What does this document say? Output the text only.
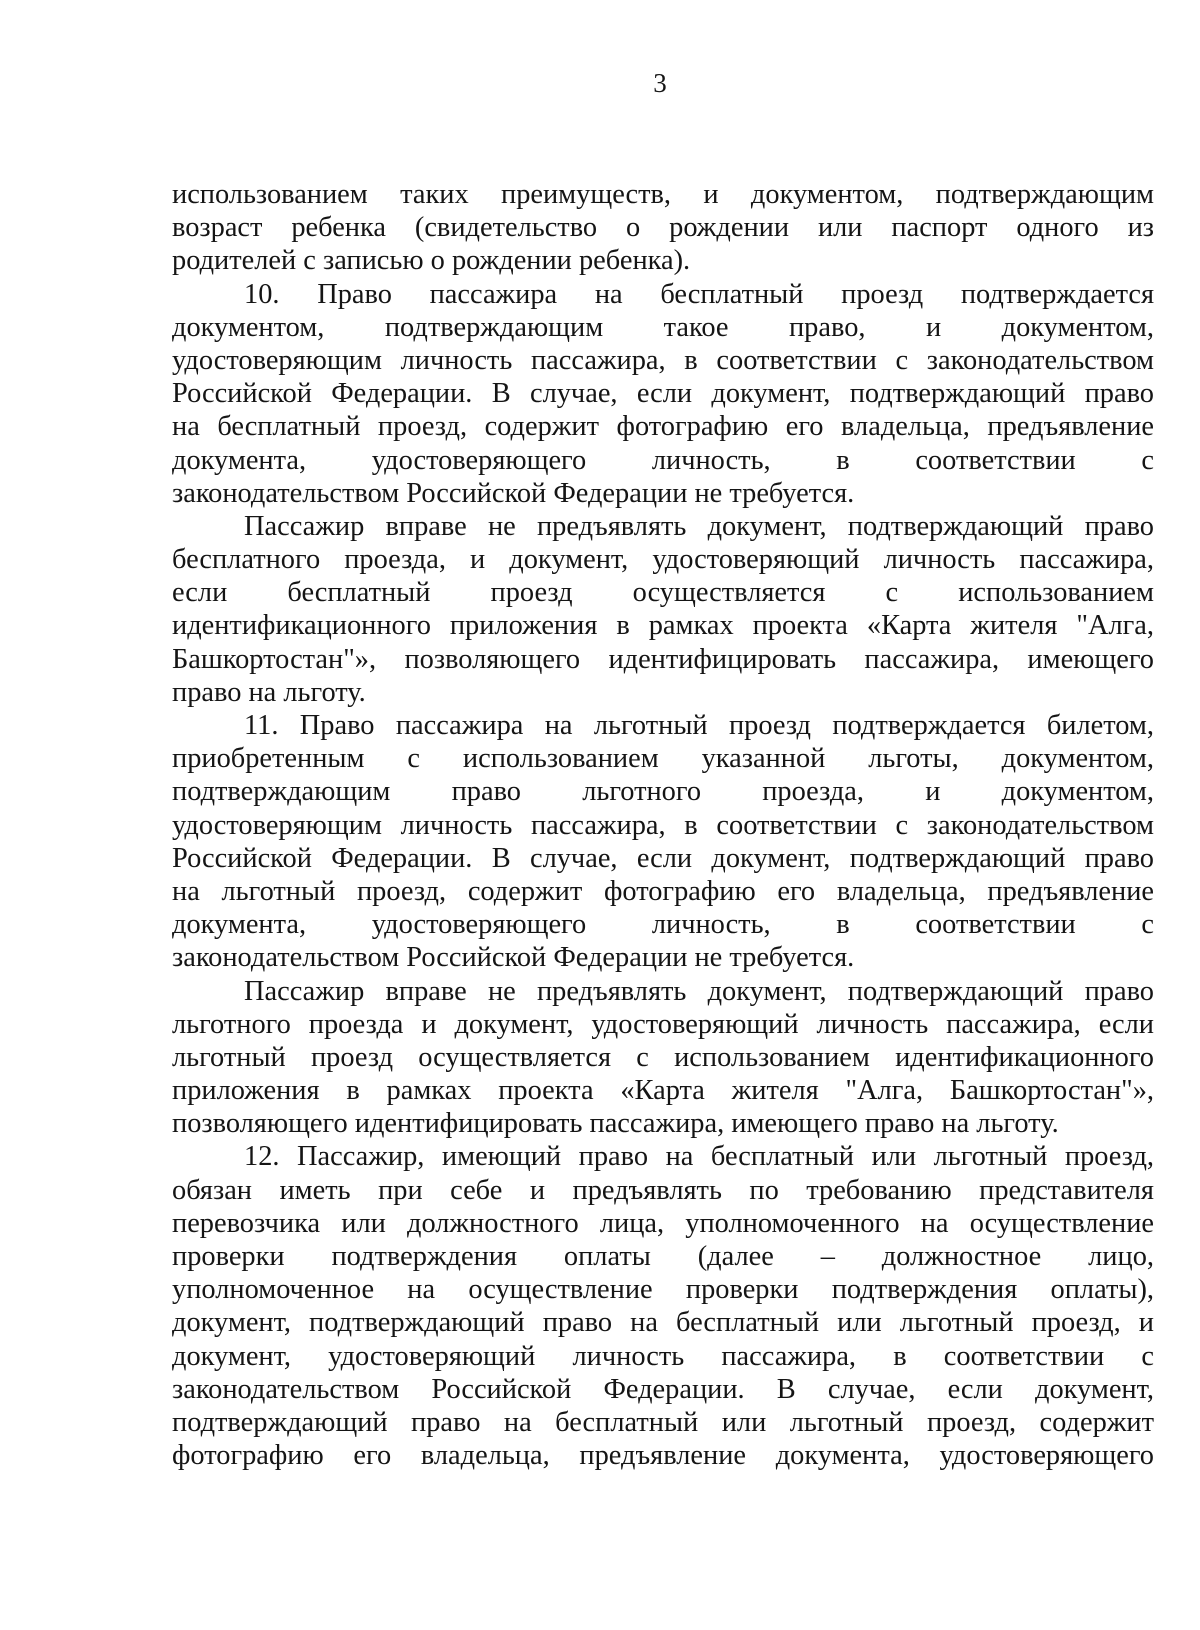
3
использованием таких преимуществ, и документом, подтверждающим
возраст ребенка (свидетельство о рождении или паспорт одного из
родителей с записью о рождении ребенка).
10. Право пассажира на бесплатный проезд подтверждается
документом, подтверждающим такое право, и документом,
удостоверяющим личность пассажира, в соответствии с законодательством
Российской Федерации. В случае, если документ, подтверждающий право
на бесплатный проезд, содержит фотографию его владельца, предъявление
документа, удостоверяющего личность, в соответствии с
законодательством Российской Федерации не требуется.
Пассажир вправе не предъявлять документ, подтверждающий право
бесплатного проезда, и документ, удостоверяющий личность пассажира,
если бесплатный проезд осуществляется с использованием
идентификационного приложения в рамках проекта «Карта жителя "Алга,
Башкортостан"», позволяющего идентифицировать пассажира, имеющего
право на льготу.
11. Право пассажира на льготный проезд подтверждается билетом,
приобретенным с использованием указанной льготы, документом,
подтверждающим право льготного проезда, и документом,
удостоверяющим личность пассажира, в соответствии с законодательством
Российской Федерации. В случае, если документ, подтверждающий право
на льготный проезд, содержит фотографию его владельца, предъявление
документа, удостоверяющего личность, в соответствии с
законодательством Российской Федерации не требуется.
Пассажир вправе не предъявлять документ, подтверждающий право
льготного проезда и документ, удостоверяющий личность пассажира, если
льготный проезд осуществляется с использованием идентификационного
приложения в рамках проекта «Карта жителя "Алга, Башкортостан"»,
позволяющего идентифицировать пассажира, имеющего право на льготу.
12. Пассажир, имеющий право на бесплатный или льготный проезд,
обязан иметь при себе и предъявлять по требованию представителя
перевозчика или должностного лица, уполномоченного на осуществление
проверки подтверждения оплаты (далее – должностное лицо,
уполномоченное на осуществление проверки подтверждения оплаты),
документ, подтверждающий право на бесплатный или льготный проезд, и
документ, удостоверяющий личность пассажира, в соответствии с
законодательством Российской Федерации. В случае, если документ,
подтверждающий право на бесплатный или льготный проезд, содержит
фотографию его владельца, предъявление документа, удостоверяющего
